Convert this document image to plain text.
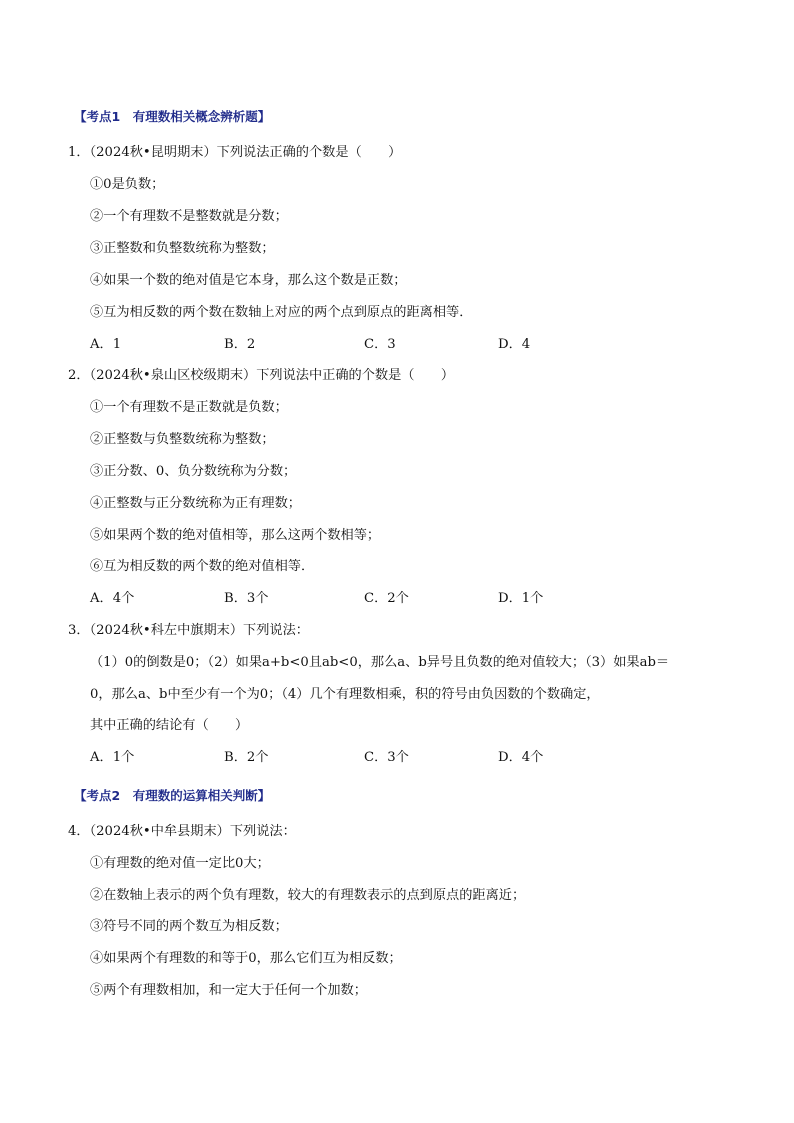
【考点1　有理数相关概念辨析题】
1．（2024秋•昆明期末）下列说法正确的个数是（　　）
①0是负数；
②一个有理数不是整数就是分数；
③正整数和负整数统称为整数；
④如果一个数的绝对值是它本身，那么这个数是正数；
⑤互为相反数的两个数在数轴上对应的两个点到原点的距离相等．
A．1	B．2	C．3	D．4
2．（2024秋•泉山区校级期末）下列说法中正确的个数是（　　）
①一个有理数不是正数就是负数；
②正整数与负整数统称为整数；
③正分数、0、负分数统称为分数；
④正整数与正分数统称为正有理数；
⑤如果两个数的绝对值相等，那么这两个数相等；
⑥互为相反数的两个数的绝对值相等．
A．4个	B．3个	C．2个	D．1个
3．（2024秋•科左中旗期末）下列说法：
（1）0的倒数是0；（2）如果a+b<0且ab<0，那么a、b异号且负数的绝对值较大；（3）如果ab＝
0，那么a、b中至少有一个为0；（4）几个有理数相乘，积的符号由负因数的个数确定，
其中正确的结论有（　　）
A．1个	B．2个	C．3个	D．4个
【考点2　有理数的运算相关判断】
4．（2024秋•中牟县期末）下列说法：
①有理数的绝对值一定比0大；
②在数轴上表示的两个负有理数，较大的有理数表示的点到原点的距离近；
③符号不同的两个数互为相反数；
④如果两个有理数的和等于0，那么它们互为相反数；
⑤两个有理数相加，和一定大于任何一个加数；
